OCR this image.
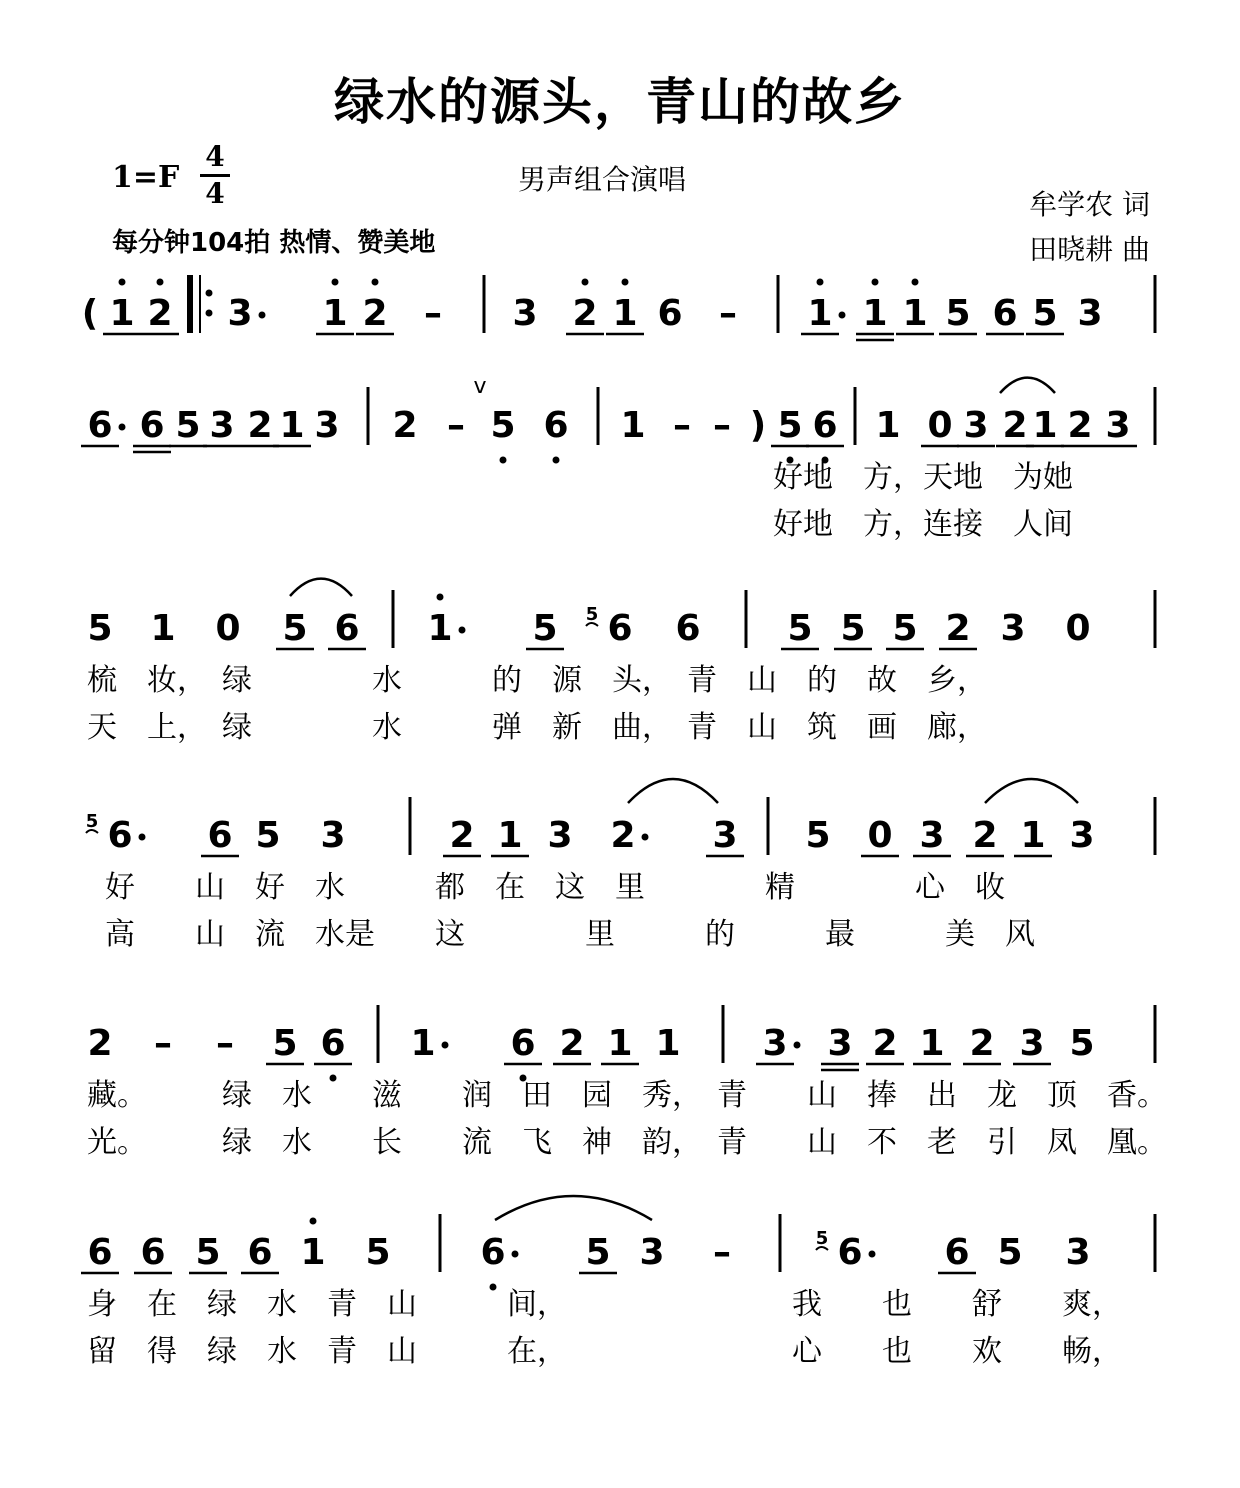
绿水的源头，青山的故乡
1=F
4
4
每分钟104拍 热情、赞美地
男声组合演唱
牟学农 词
田晓耕 曲
( 1 2 3 1 2 – 3 2 1 6 – 1 1 1 5 6 5 3
6 6 5 3 2 1 3 2 –
v
5 6 1 – – ) 5 6 1 0 3 2 1 2 3
5 1 0 5 6 1 5 6
5 6 5 5 5 2 3 0
6
5	6 5 3	2 1 3 2 3 5 0 3 2 1 3
2 – – 5 6 1 6 2 1 1 3 3 2 1 2 3 5
6 6 5 6 1 5 6 5 3 –	6
5	6 5 3
好地　方，天地　为她
好地　方，连接　人间
梳　妆，　绿　　　　水　　　的　源　头，　青　山　的　故　乡，
天　上，　绿　　　　水　　　弹　新　曲，　青　山　筑　画　廊，
好　　山　好　水　　　都　在　这　里　　　　精　　　　心　收
高　　山　流　水是　　这　　　　里　　　的　　　最　　　美　风
藏。　　　绿　水　　滋　　润　田　园　秀，　青　　山　捧　出　龙　顶　香。
光。　　　绿　水　　长　　流　飞　神　韵，　青　　山　不　老　引　凤　凰。
身　在　绿　水　青　山　　　间，　　　　　　　　我　　也　　舒　　爽，
留　得　绿　水　青　山　　　在，　　　　　　　　心　　也　　欢　　畅，
